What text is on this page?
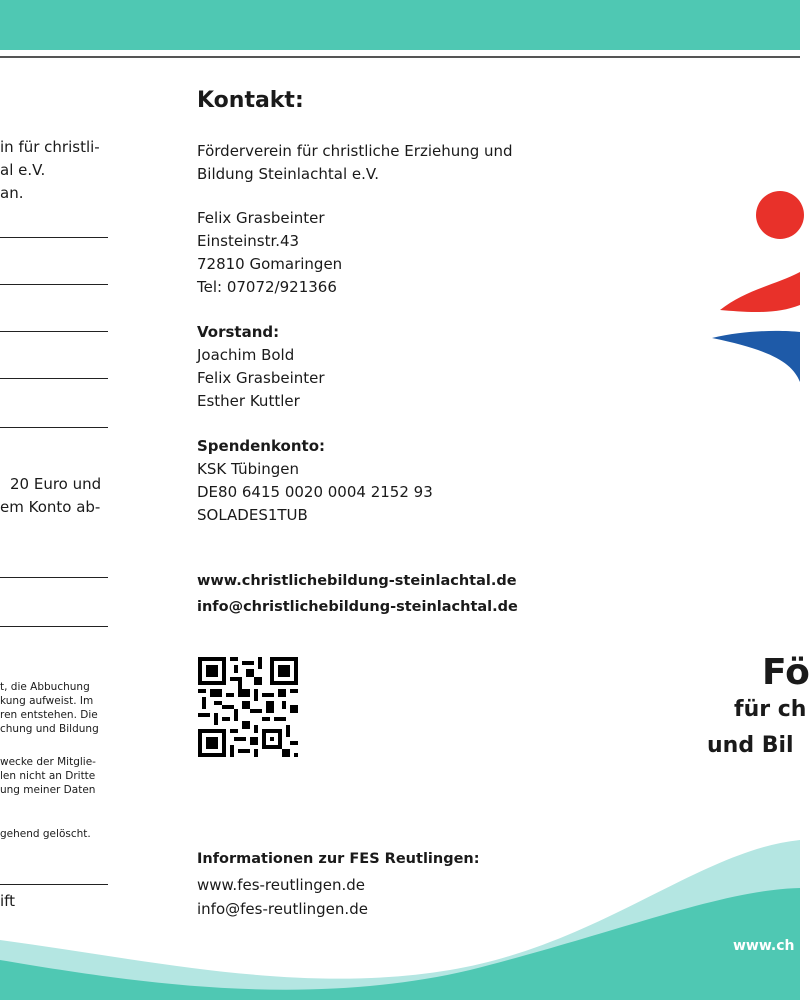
in für christli-
al e.V.
an.
20 Euro und
em Konto ab-
t, die Abbuchung
kung aufweist. Im
ren entstehen. Die
chung und Bildung
wecke der Mitglie-
len nicht an Dritte
ung meiner Daten
gehend gelöscht.
ift
Kontakt:
Förderverein für christliche Erziehung und
Bildung Steinlachtal e.V.
Felix Grasbeinter
Einsteinstr.43
72810 Gomaringen
Tel: 07072/921366
Vorstand:
Joachim Bold
Felix Grasbeinter
Esther Kuttler
Spendenkonto:
KSK Tübingen
DE80 6415 0020 0004 2152 93
SOLADES1TUB
www.christlichebildung-steinlachtal.de
info@christlichebildung-steinlachtal.de
Informationen zur FES Reutlingen:
www.fes-reutlingen.de
info@fes-reutlingen.de
Fö
für ch
und Bil
www.ch
